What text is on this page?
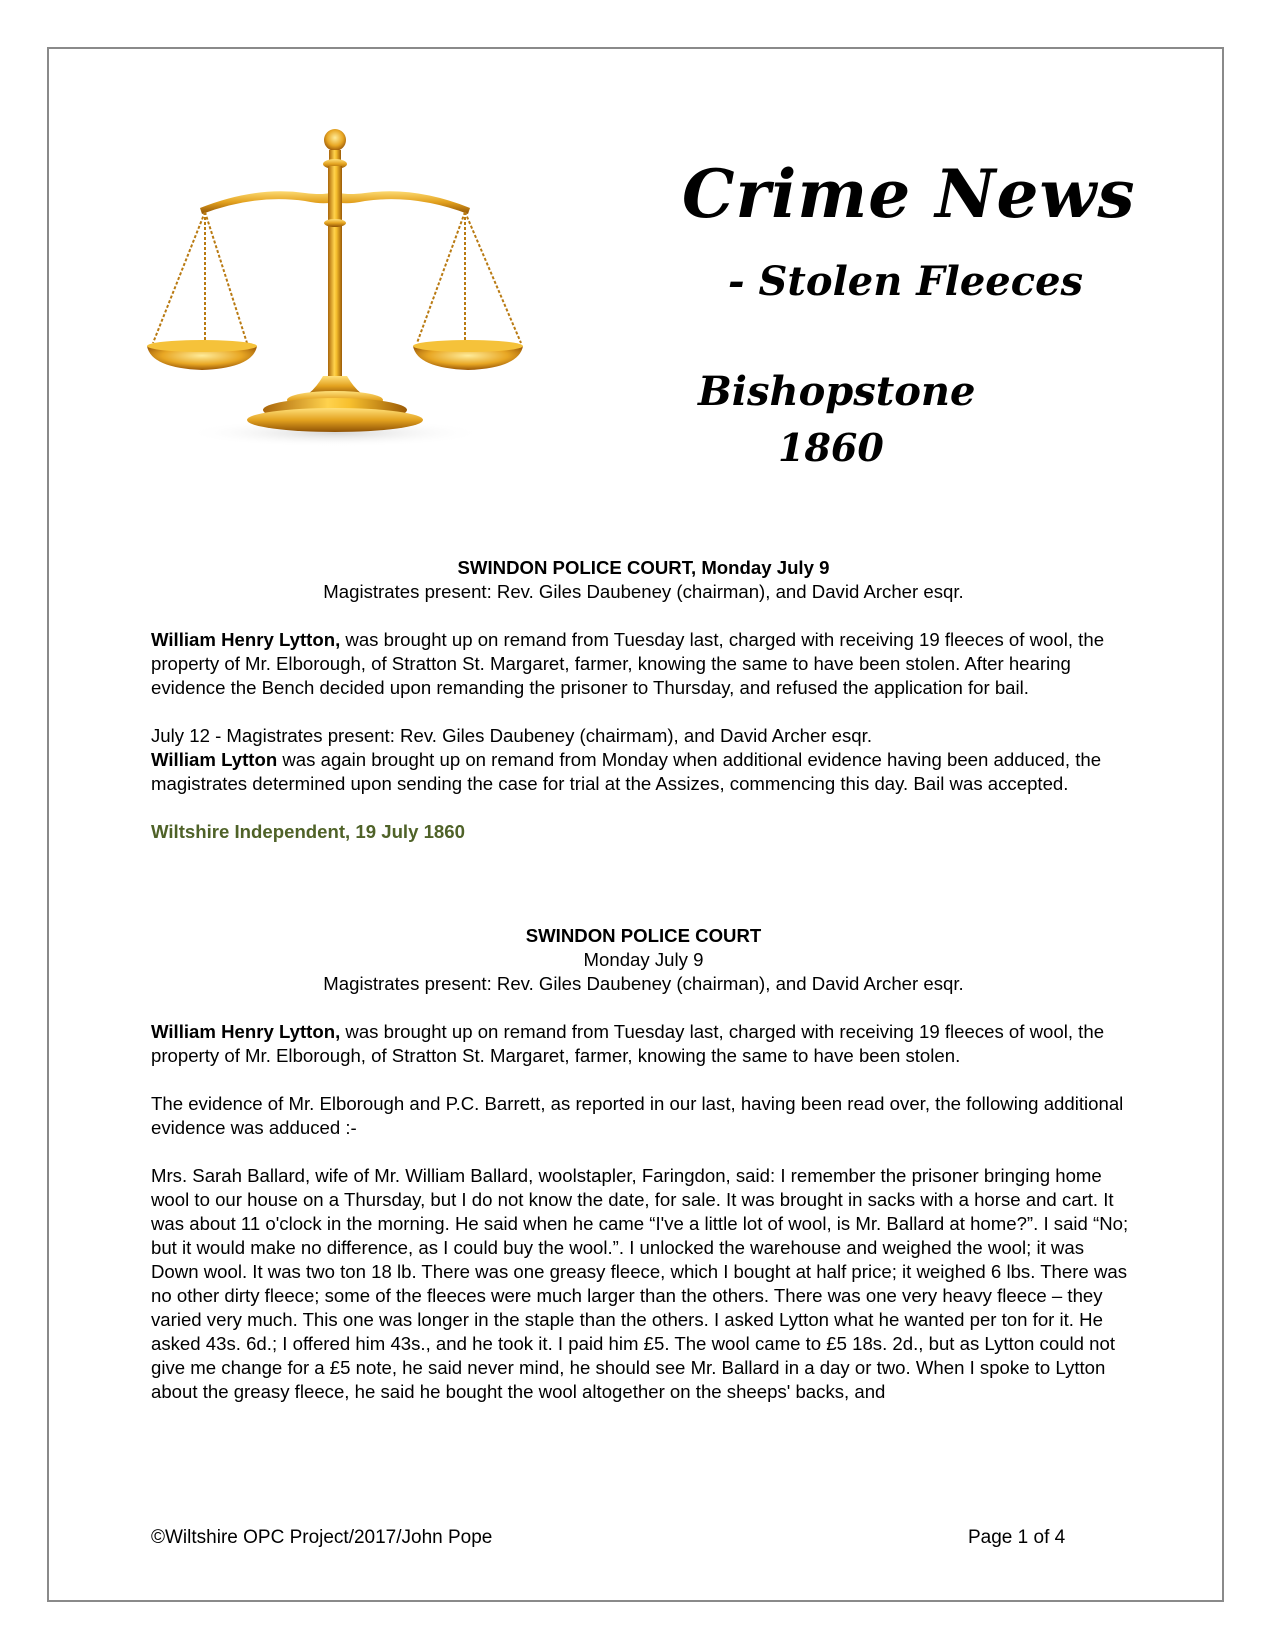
Crime News
- Stolen Fleeces
Bishopstone
1860
SWINDON POLICE COURT, Monday July 9

Magistrates present: Rev. Giles Daubeney (chairman), and David Archer esqr.

William Henry Lytton, was brought up on remand from Tuesday last, charged with receiving 19 fleeces of wool, the property of Mr. Elborough, of Stratton St. Margaret, farmer, knowing the same to have been stolen. After hearing evidence the Bench decided upon remanding the prisoner to Thursday, and refused the application for bail.

July 12 - Magistrates present: Rev. Giles Daubeney (chairmam), and David Archer esqr.
William Lytton was again brought up on remand from Monday when additional evidence having been adduced, the magistrates determined upon sending the case for trial at the Assizes, commencing this day. Bail was accepted.

Wiltshire Independent, 19 July 1860

SWINDON POLICE COURT
Monday July 9

Magistrates present: Rev. Giles Daubeney (chairman), and David Archer esqr.

William Henry Lytton, was brought up on remand from Tuesday last, charged with receiving 19 fleeces of wool, the property of Mr. Elborough, of Stratton St. Margaret, farmer, knowing the same to have been stolen.

The evidence of Mr. Elborough and P.C. Barrett, as reported in our last, having been read over, the following additional evidence was adduced :-

Mrs. Sarah Ballard, wife of Mr. William Ballard, woolstapler, Faringdon, said: I remember the prisoner bringing home wool to our house on a Thursday, but I do not know the date, for sale. It was brought in sacks with a horse and cart. It was about 11 o'clock in the morning. He said when he came “I've a little lot of wool, is Mr. Ballard at home?”. I said “No; but it would make no difference, as I could buy the wool.”. I unlocked the warehouse and weighed the wool; it was Down wool. It was two ton 18 lb. There was one greasy fleece, which I bought at half price; it weighed 6 lbs. There was no other dirty fleece; some of the fleeces were much larger than the others. There was one very heavy fleece – they varied very much. This one was longer in the staple than the others. I asked Lytton what he wanted per ton for it. He asked 43s. 6d.; I offered him 43s., and he took it. I paid him £5. The wool came to £5 18s. 2d., but as Lytton could not give me change for a £5 note, he said never mind, he should see Mr. Ballard in a day or two. When I spoke to Lytton about the greasy fleece, he said he bought the wool altogether on the sheeps' backs, and

©Wiltshire OPC Project/2017/John Pope	Page 1 of 4
